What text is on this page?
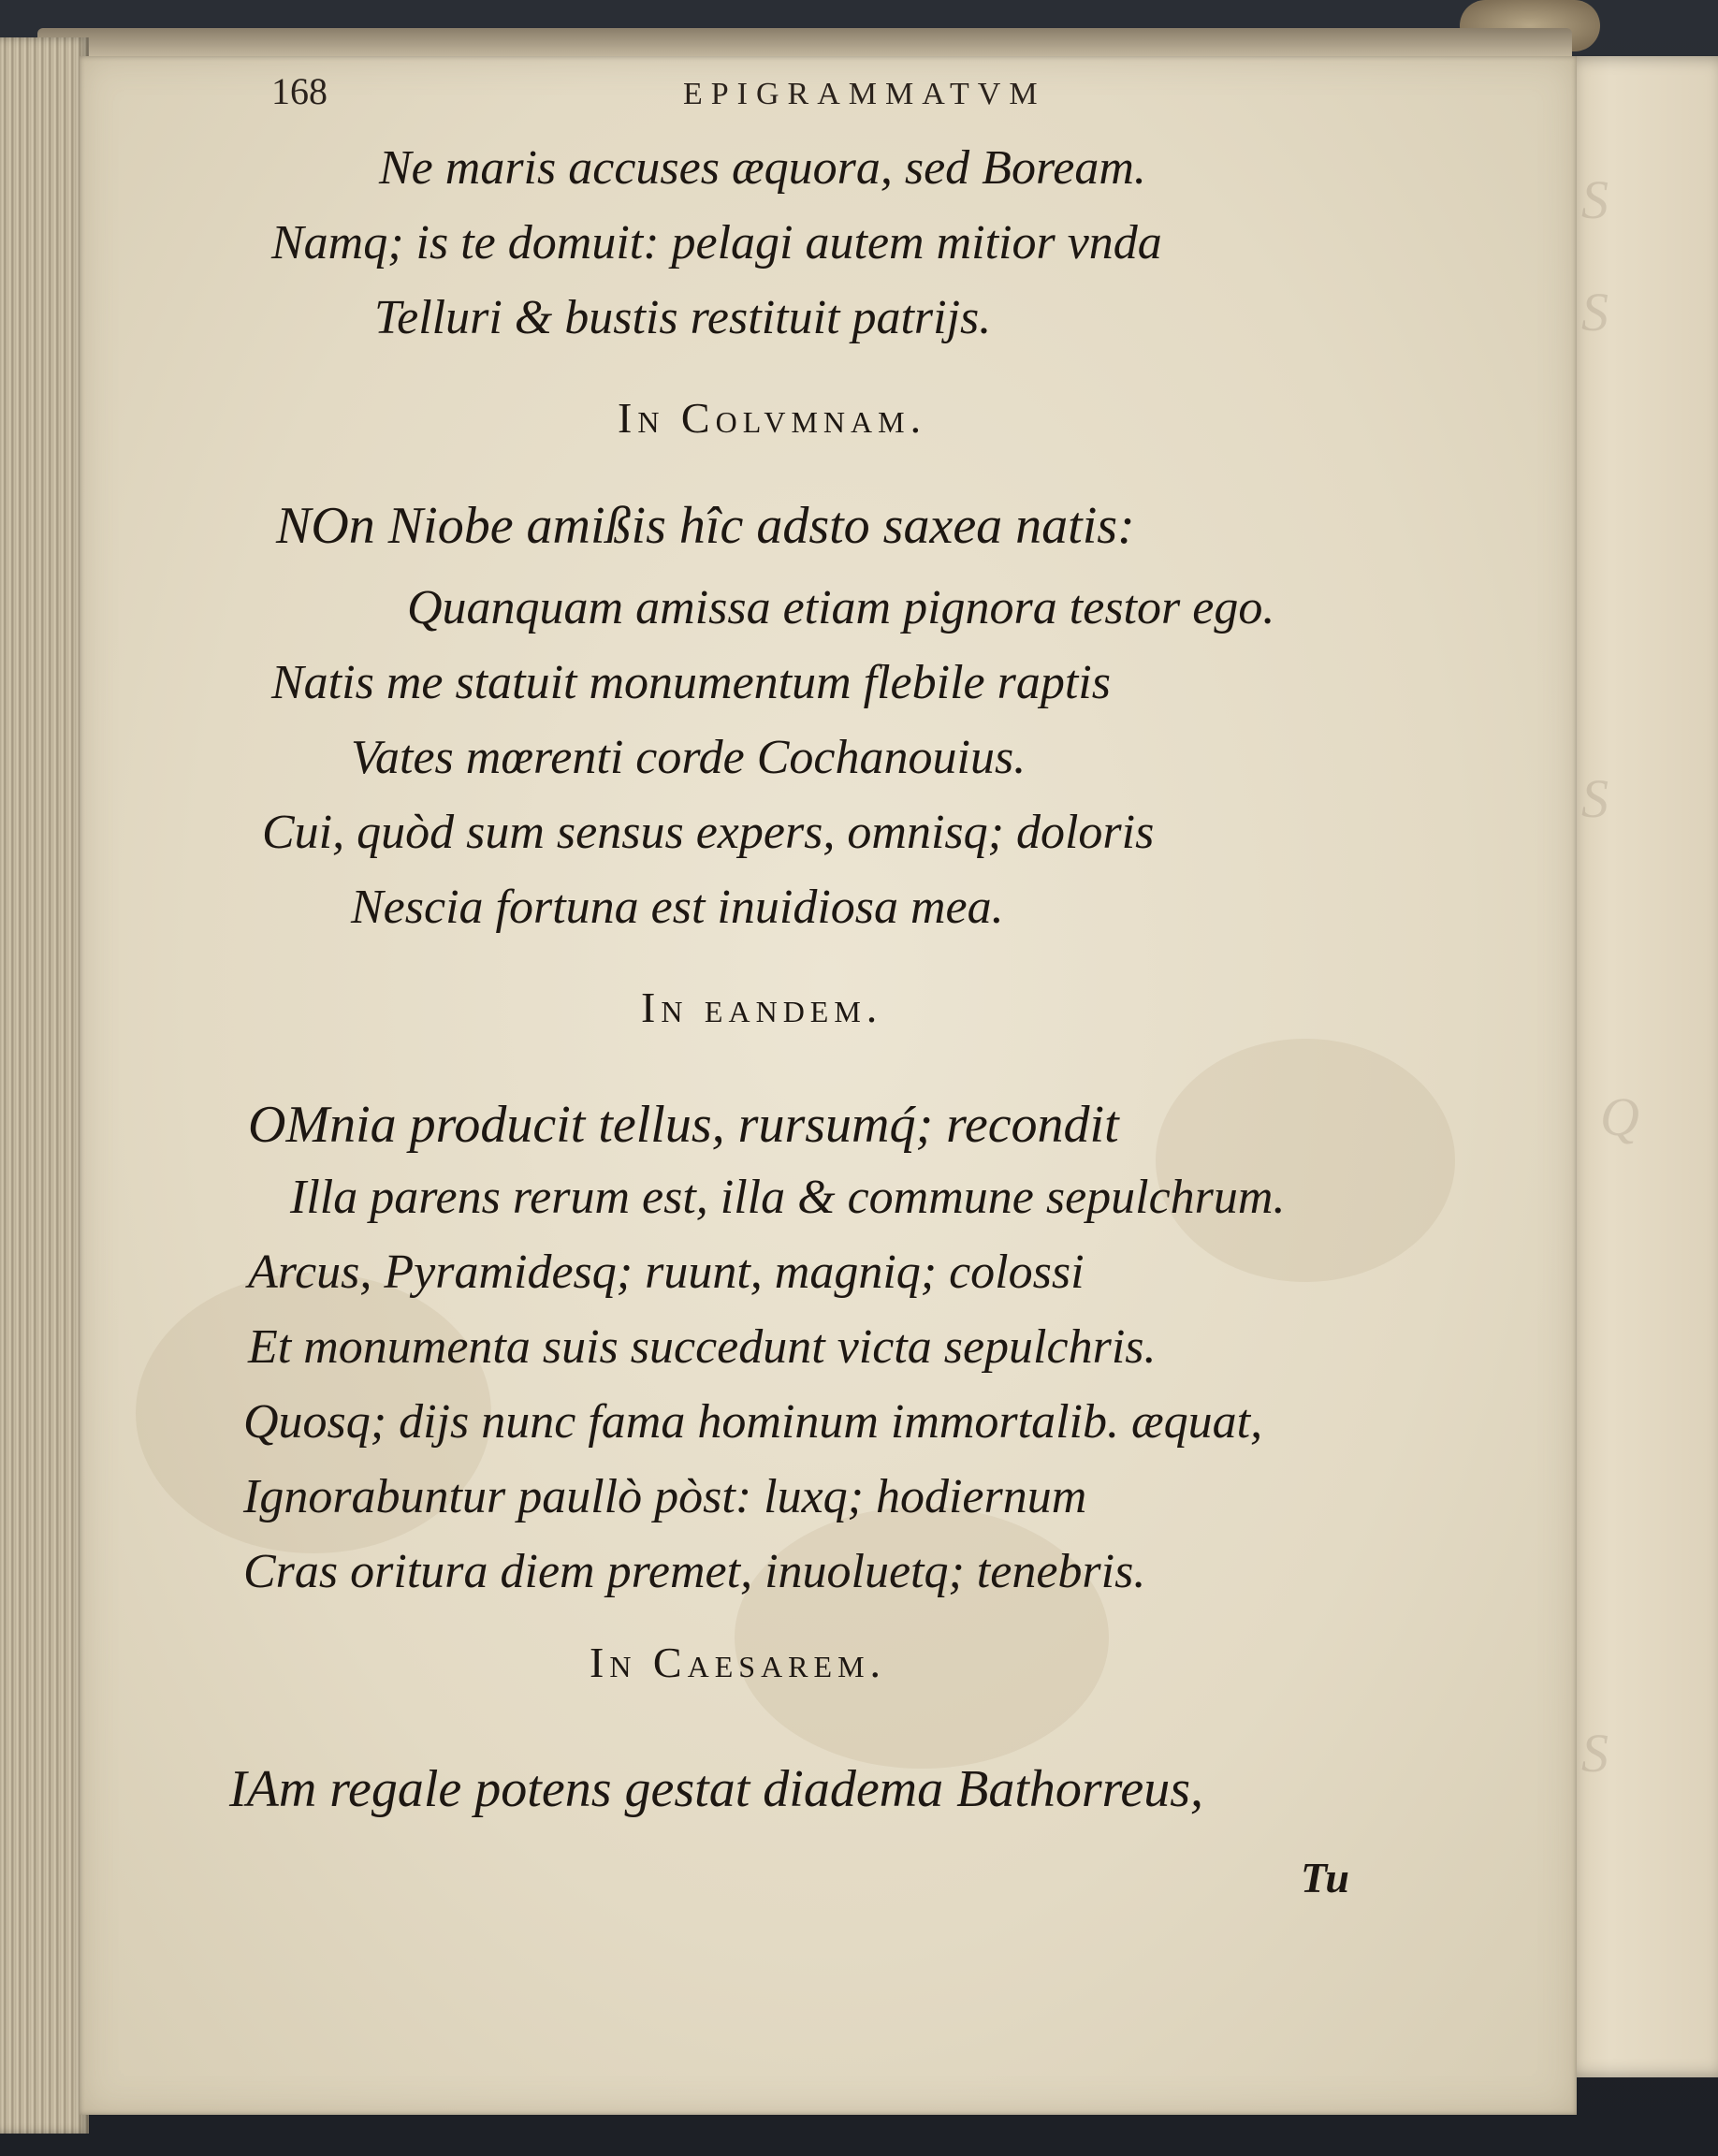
S
S
Q
S
S
168	EPIGRAMMATVM
Ne maris accuses æquora, sed Boream.
Namq; is te domuit: pelagi autem mitior vnda
Telluri & bustis restituit patrijs.
In Colvmnam.
NOn Niobe amißis hîc adsto saxea natis:
Quanquam amissa etiam pignora testor ego.
Natis me statuit monumentum flebile raptis
Vates mœrenti corde Cochanouius.
Cui, quòd sum sensus expers, omnisq; doloris
Nescia fortuna est inuidiosa mea.
In eandem.
OMnia producit tellus, rursumq́; recondit
Illa parens rerum est, illa & commune sepulchrum.
Arcus, Pyramidesq; ruunt, magniq; colossi
Et monumenta suis succedunt victa sepulchris.
Quosq; dijs nunc fama hominum immortalib. æquat,
Ignorabuntur paullò pòst: luxq; hodiernum
Cras oritura diem premet, inuoluetq; tenebris.
In Caesarem.
IAm regale potens gestat diadema Bathorreus,
Tu
